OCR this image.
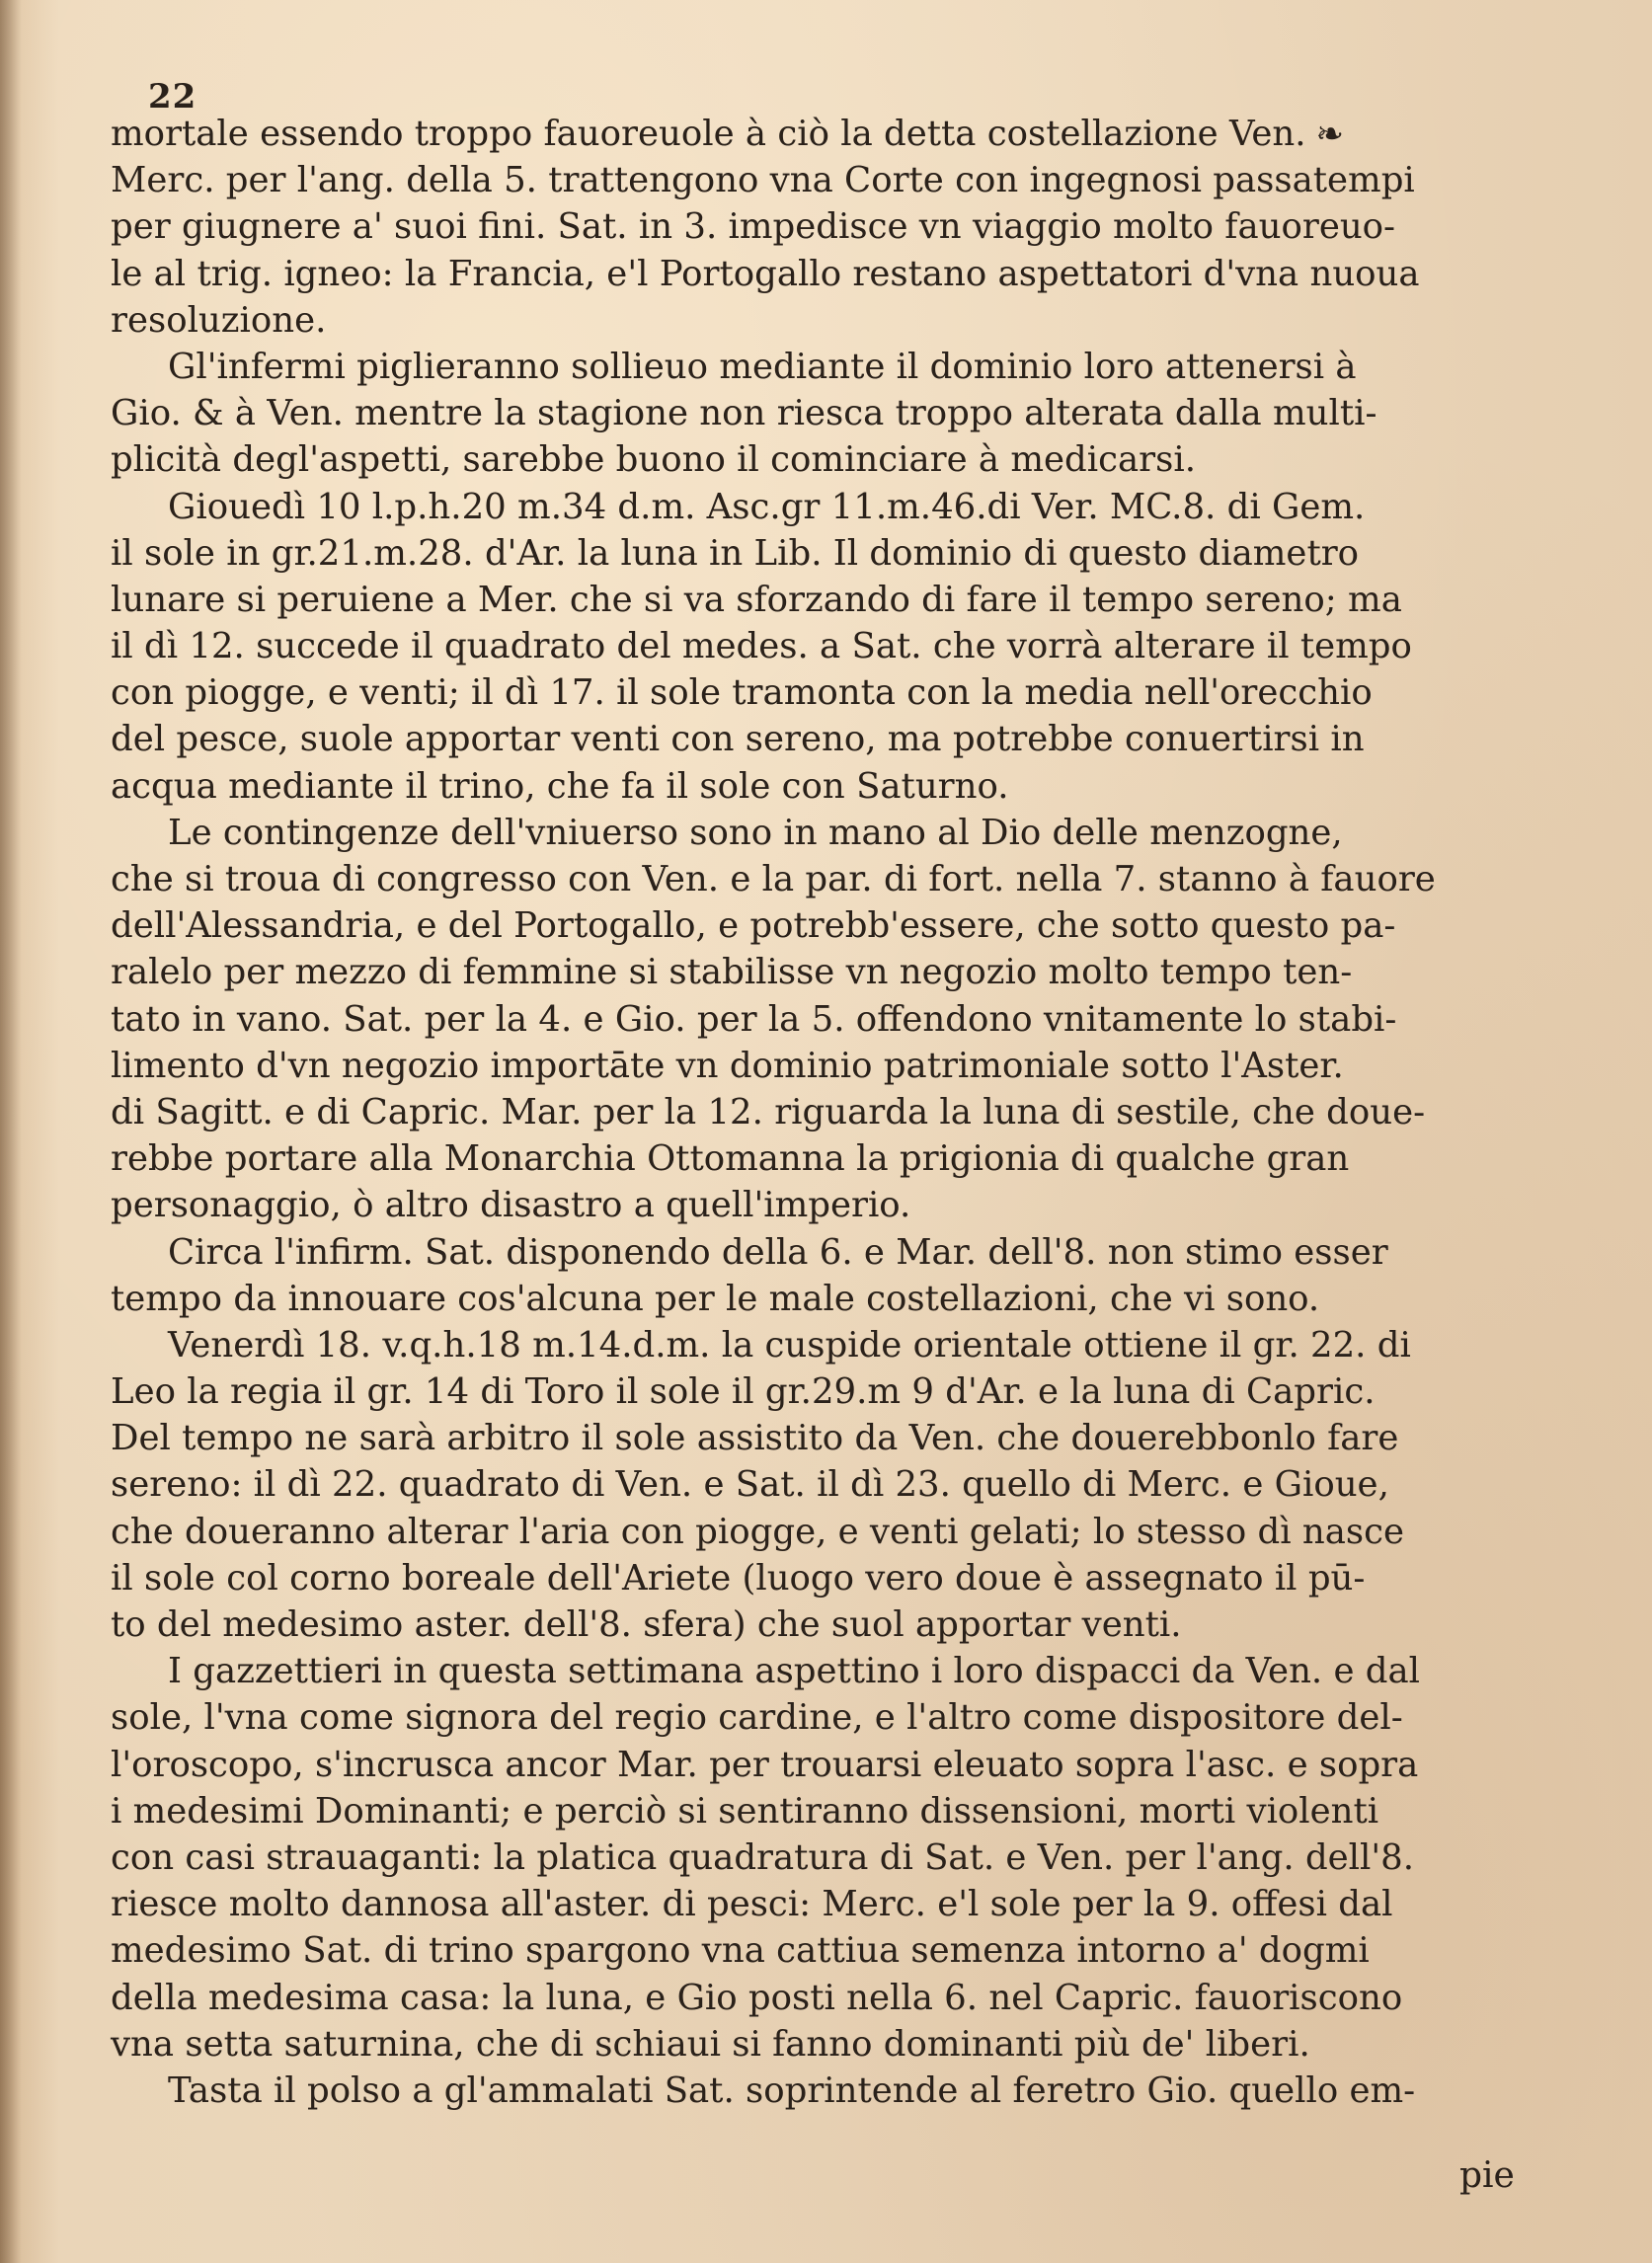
22
mortale essendo troppo fauoreuole à ciò la detta costellazione Ven. ❧
Merc. per l'ang. della 5. trattengono vna Corte con ingegnosi passatempi
per giugnere a' suoi fini. Sat. in 3. impedisce vn viaggio molto fauoreuo-
le al trig. igneo: la Francia, e'l Portogallo restano aspettatori d'vna nuoua
resoluzione.
Gl'infermi piglieranno sollieuo mediante il dominio loro attenersi à
Gio. & à Ven. mentre la stagione non riesca troppo alterata dalla multi-
plicità degl'aspetti, sarebbe buono il cominciare à medicarsi.
Giouedì 10 l.p.h.20 m.34 d.m. Asc.gr 11.m.46.di Ver. MC.8. di Gem.
il sole in gr.21.m.28. d'Ar. la luna in Lib. Il dominio di questo diametro
lunare si peruiene a Mer. che si va sforzando di fare il tempo sereno; ma
il dì 12. succede il quadrato del medes. a Sat. che vorrà alterare il tempo
con piogge, e venti; il dì 17. il sole tramonta con la media nell'orecchio
del pesce, suole apportar venti con sereno, ma potrebbe conuertirsi in
acqua mediante il trino, che fa il sole con Saturno.
Le contingenze dell'vniuerso sono in mano al Dio delle menzogne,
che si troua di congresso con Ven. e la par. di fort. nella 7. stanno à fauore
dell'Alessandria, e del Portogallo, e potrebb'essere, che sotto questo pa-
ralelo per mezzo di femmine si stabilisse vn negozio molto tempo ten-
tato in vano. Sat. per la 4. e Gio. per la 5. offendono vnitamente lo stabi-
limento d'vn negozio importāte vn dominio patrimoniale sotto l'Aster.
di Sagitt. e di Capric. Mar. per la 12. riguarda la luna di sestile, che doue-
rebbe portare alla Monarchia Ottomanna la prigionia di qualche gran
personaggio, ò altro disastro a quell'imperio.
Circa l'infirm. Sat. disponendo della 6. e Mar. dell'8. non stimo esser
tempo da innouare cos'alcuna per le male costellazioni, che vi sono.
Venerdì 18. v.q.h.18 m.14.d.m. la cuspide orientale ottiene il gr. 22. di
Leo la regia il gr. 14 di Toro il sole il gr.29.m 9 d'Ar. e la luna di Capric.
Del tempo ne sarà arbitro il sole assistito da Ven. che douerebbonlo fare
sereno: il dì 22. quadrato di Ven. e Sat. il dì 23. quello di Merc. e Gioue,
che doueranno alterar l'aria con piogge, e venti gelati; lo stesso dì nasce
il sole col corno boreale dell'Ariete (luogo vero doue è assegnato il pū-
to del medesimo aster. dell'8. sfera) che suol apportar venti.
I gazzettieri in questa settimana aspettino i loro dispacci da Ven. e dal
sole, l'vna come signora del regio cardine, e l'altro come dispositore del-
l'oroscopo, s'incrusca ancor Mar. per trouarsi eleuato sopra l'asc. e sopra
i medesimi Dominanti; e perciò si sentiranno dissensioni, morti violenti
con casi strauaganti: la platica quadratura di Sat. e Ven. per l'ang. dell'8.
riesce molto dannosa all'aster. di pesci: Merc. e'l sole per la 9. offesi dal
medesimo Sat. di trino spargono vna cattiua semenza intorno a' dogmi
della medesima casa: la luna, e Gio posti nella 6. nel Capric. fauoriscono
vna setta saturnina, che di schiaui si fanno dominanti più de' liberi.
Tasta il polso a gl'ammalati Sat. soprintende al feretro Gio. quello em-
pie
